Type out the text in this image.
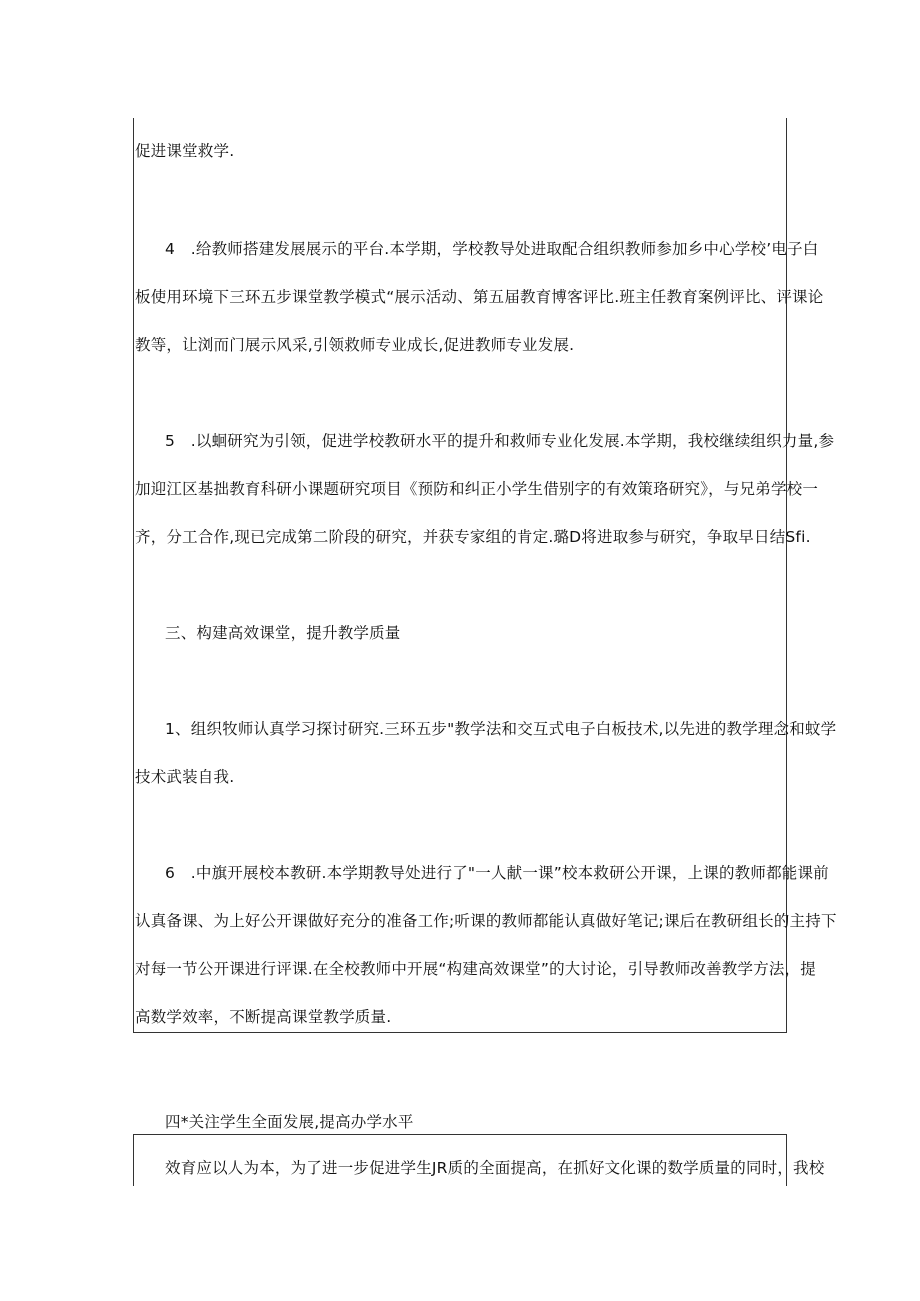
促进课堂救学.

4　.给教师搭建发展展示的平台.本学期，学校教导处进取配合组织教师参加乡中心学校’电子白

板使用环境下三环五步课堂教学模式“展示活动、第五届教育博客评比.班主任教育案例评比、评课论

教等，让浏而门展示风采,引领救师专业成长,促进教师专业发展.

5　.以蛔研究为引领，促进学校教研水平的提升和救师专业化发展.本学期，我校继续组织力量,参

加迎江区基拙教育科研小课题研究项目《预防和纠正小学生借别字的有效策珞研究》，与兄弟学校一

齐，分工合作,现已完成第二阶段的研究，并获专家组的肯定.璐D将进取参与研究，争取早日结Sfi.

三、构建高效课堂，提升教学质量

1、组织牧师认真学习探讨研究.三环五步"教学法和交互式电子白板技术,以先进的教学理念和蚊学

技术武装自我.

6　.中旗开展校本教研.本学期教导处进行了"一人献一课”校本救研公开课，上课的教师都能课前

认真备课、为上好公开课做好充分的准备工作;听课的教师都能认真做好笔记;课后在教研组长的主持下

对每一节公开课进行评课.在全校教师中开展“构建高效课堂”的大讨论，引导教师改善教学方法，提

高数学效率，不断提高课堂教学质量.

四*关注学生全面发展,提高办学水平

效育应以人为本，为了进一步促进学生JR质的全面提高，在抓好文化课的数学质量的同时，我校
